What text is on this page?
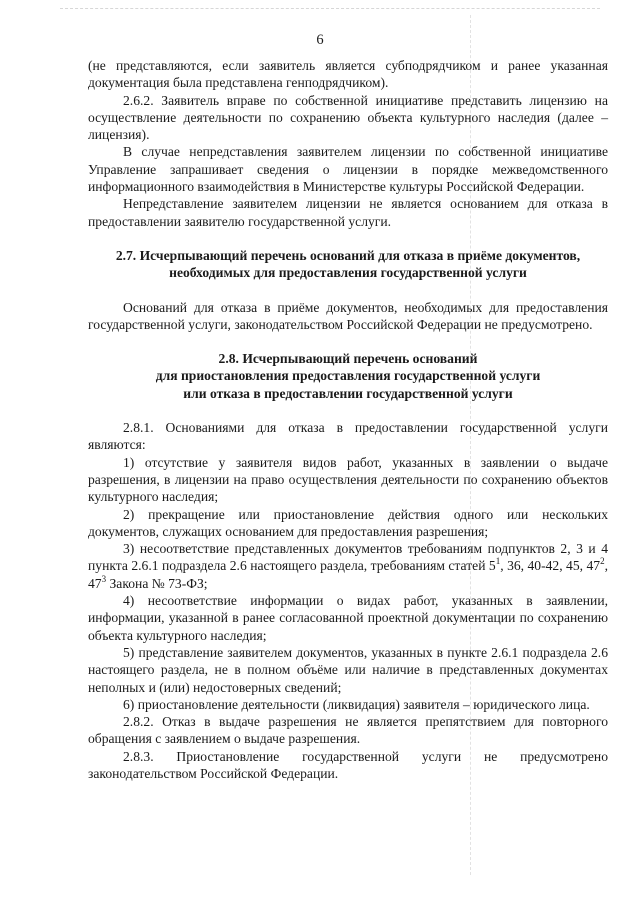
6

(не представляются, если заявитель является субподрядчиком и ранее указанная документация была представлена генподрядчиком).

2.6.2. Заявитель вправе по собственной инициативе представить лицензию на осуществление деятельности по сохранению объекта культурного наследия (далее – лицензия).

В случае непредставления заявителем лицензии по собственной инициативе Управление запрашивает сведения о лицензии в порядке межведомственного информационного взаимодействия в Министерстве культуры Российской Федерации.

Непредставление заявителем лицензии не является основанием для отказа в предоставлении заявителю государственной услуги.

2.7. Исчерпывающий перечень оснований для отказа в приёме документов,
необходимых для предоставления государственной услуги

Оснований для отказа в приёме документов, необходимых для предоставления государственной услуги, законодательством Российской Федерации не предусмотрено.

2.8. Исчерпывающий перечень оснований
для приостановления предоставления государственной услуги
или отказа в предоставлении государственной услуги

2.8.1. Основаниями для отказа в предоставлении государственной услуги являются:

1) отсутствие у заявителя видов работ, указанных в заявлении о выдаче разрешения, в лицензии на право осуществления деятельности по сохранению объектов культурного наследия;

2) прекращение или приостановление действия одного или нескольких документов, служащих основанием для предоставления разрешения;

3) несоответствие представленных документов требованиям подпунктов 2, 3 и 4 пункта 2.6.1 подраздела 2.6 настоящего раздела, требованиям статей $5^1$, 36, 40-42, 45, $47^2$, $47^3$ Закона № 73-ФЗ;

4) несоответствие информации о видах работ, указанных в заявлении, информации, указанной в ранее согласованной проектной документации по сохранению объекта культурного наследия;

5) представление заявителем документов, указанных в пункте 2.6.1 подраздела 2.6 настоящего раздела, не в полном объёме или наличие в представленных документах неполных и (или) недостоверных сведений;

6) приостановление деятельности (ликвидация) заявителя – юридического лица.

2.8.2. Отказ в выдаче разрешения не является препятствием для повторного обращения с заявлением о выдаче разрешения.

2.8.3. Приостановление государственной услуги не предусмотрено законодательством Российской Федерации.
